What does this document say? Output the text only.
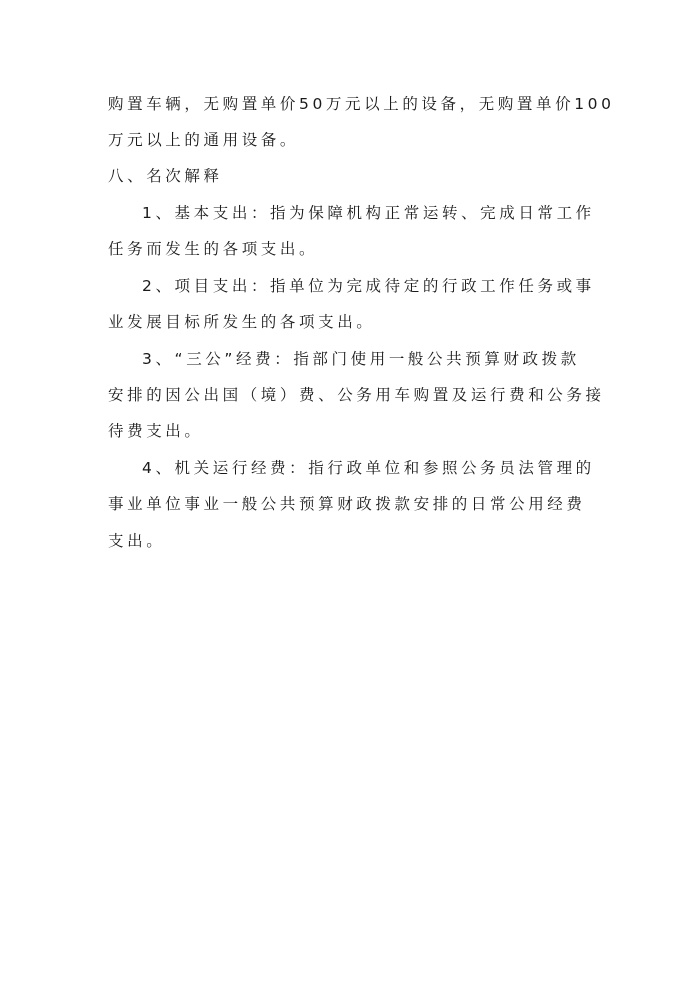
购置车辆，无购置单价50万元以上的设备，无购置单价100
万元以上的通用设备。
八、名次解释
1、基本支出：指为保障机构正常运转、完成日常工作
任务而发生的各项支出。
2、项目支出：指单位为完成待定的行政工作任务或事
业发展目标所发生的各项支出。
3、“三公”经费：指部门使用一般公共预算财政拨款
安排的因公出国（境）费、公务用车购置及运行费和公务接
待费支出。
4、机关运行经费：指行政单位和参照公务员法管理的
事业单位事业一般公共预算财政拨款安排的日常公用经费
支出。
